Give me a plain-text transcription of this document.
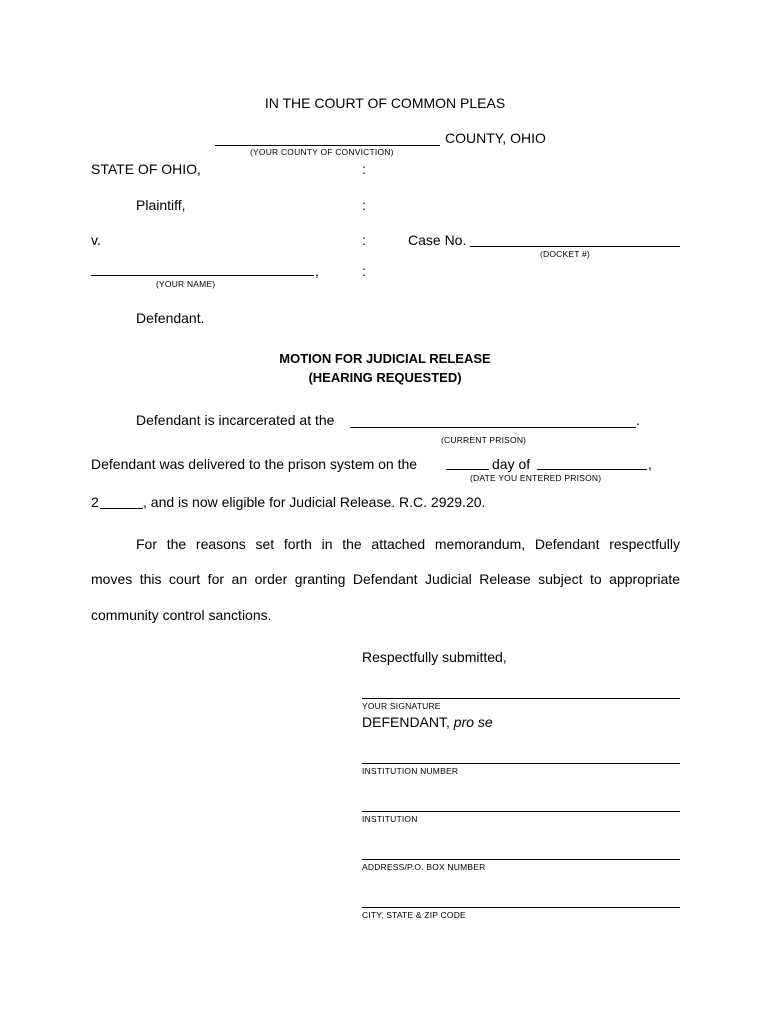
IN THE COURT OF COMMON PLEAS
COUNTY, OHIO
(YOUR COUNTY OF CONVICTION)
STATE OF OHIO,	:
Plaintiff,	:
v.	:	Case No.
(DOCKET #)
,	:
(YOUR NAME)
Defendant.
MOTION FOR JUDICIAL RELEASE
(HEARING REQUESTED)
Defendant is incarcerated at the	.
(CURRENT PRISON)
Defendant was delivered to the prison system on the	day of	,
(DATE YOU ENTERED PRISON)
2	, and is now eligible for Judicial Release. R.C. 2929.20.
For the reasons set forth in the attached memorandum, Defendant respectfully
moves this court for an order granting Defendant Judicial Release subject to appropriate
community control sanctions.
Respectfully submitted,
YOUR SIGNATURE
DEFENDANT, pro se
INSTITUTION NUMBER
INSTITUTION
ADDRESS/P.O. BOX NUMBER
CITY, STATE & ZIP CODE
